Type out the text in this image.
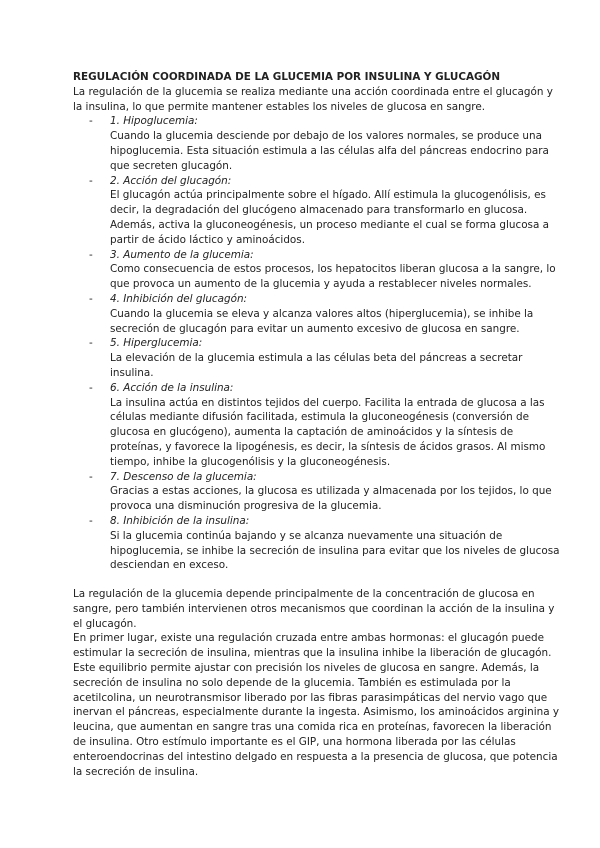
REGULACIÓN COORDINADA DE LA GLUCEMIA POR INSULINA Y GLUCAGÓN

La regulación de la glucemia se realiza mediante una acción coordinada entre el glucagón y la insulina, lo que permite mantener estables los niveles de glucosa en sangre.

- 1. Hipoglucemia:
Cuando la glucemia desciende por debajo de los valores normales, se produce una hipoglucemia. Esta situación estimula a las células alfa del páncreas endocrino para que secreten glucagón.
- 2. Acción del glucagón:
El glucagón actúa principalmente sobre el hígado. Allí estimula la glucogenólisis, es decir, la degradación del glucógeno almacenado para transformarlo en glucosa. Además, activa la gluconeogénesis, un proceso mediante el cual se forma glucosa a partir de ácido láctico y aminoácidos.
- 3. Aumento de la glucemia:
Como consecuencia de estos procesos, los hepatocitos liberan glucosa a la sangre, lo que provoca un aumento de la glucemia y ayuda a restablecer niveles normales.
- 4. Inhibición del glucagón:
Cuando la glucemia se eleva y alcanza valores altos (hiperglucemia), se inhibe la secreción de glucagón para evitar un aumento excesivo de glucosa en sangre.
- 5. Hiperglucemia:
La elevación de la glucemia estimula a las células beta del páncreas a secretar insulina.
- 6. Acción de la insulina:
La insulina actúa en distintos tejidos del cuerpo. Facilita la entrada de glucosa a las células mediante difusión facilitada, estimula la gluconeogénesis (conversión de glucosa en glucógeno), aumenta la captación de aminoácidos y la síntesis de proteínas, y favorece la lipogénesis, es decir, la síntesis de ácidos grasos. Al mismo tiempo, inhibe la glucogenólisis y la gluconeogénesis.
- 7. Descenso de la glucemia:
Gracias a estas acciones, la glucosa es utilizada y almacenada por los tejidos, lo que provoca una disminución progresiva de la glucemia.
- 8. Inhibición de la insulina:
Si la glucemia continúa bajando y se alcanza nuevamente una situación de hipoglucemia, se inhibe la secreción de insulina para evitar que los niveles de glucosa desciendan en exceso.

La regulación de la glucemia depende principalmente de la concentración de glucosa en sangre, pero también intervienen otros mecanismos que coordinan la acción de la insulina y el glucagón.

En primer lugar, existe una regulación cruzada entre ambas hormonas: el glucagón puede estimular la secreción de insulina, mientras que la insulina inhibe la liberación de glucagón. Este equilibrio permite ajustar con precisión los niveles de glucosa en sangre. Además, la secreción de insulina no solo depende de la glucemia. También es estimulada por la acetilcolina, un neurotransmisor liberado por las fibras parasimpáticas del nervio vago que inervan el páncreas, especialmente durante la ingesta. Asimismo, los aminoácidos arginina y leucina, que aumentan en sangre tras una comida rica en proteínas, favorecen la liberación de insulina. Otro estímulo importante es el GIP, una hormona liberada por las células enteroendocrinas del intestino delgado en respuesta a la presencia de glucosa, que potencia la secreción de insulina.
